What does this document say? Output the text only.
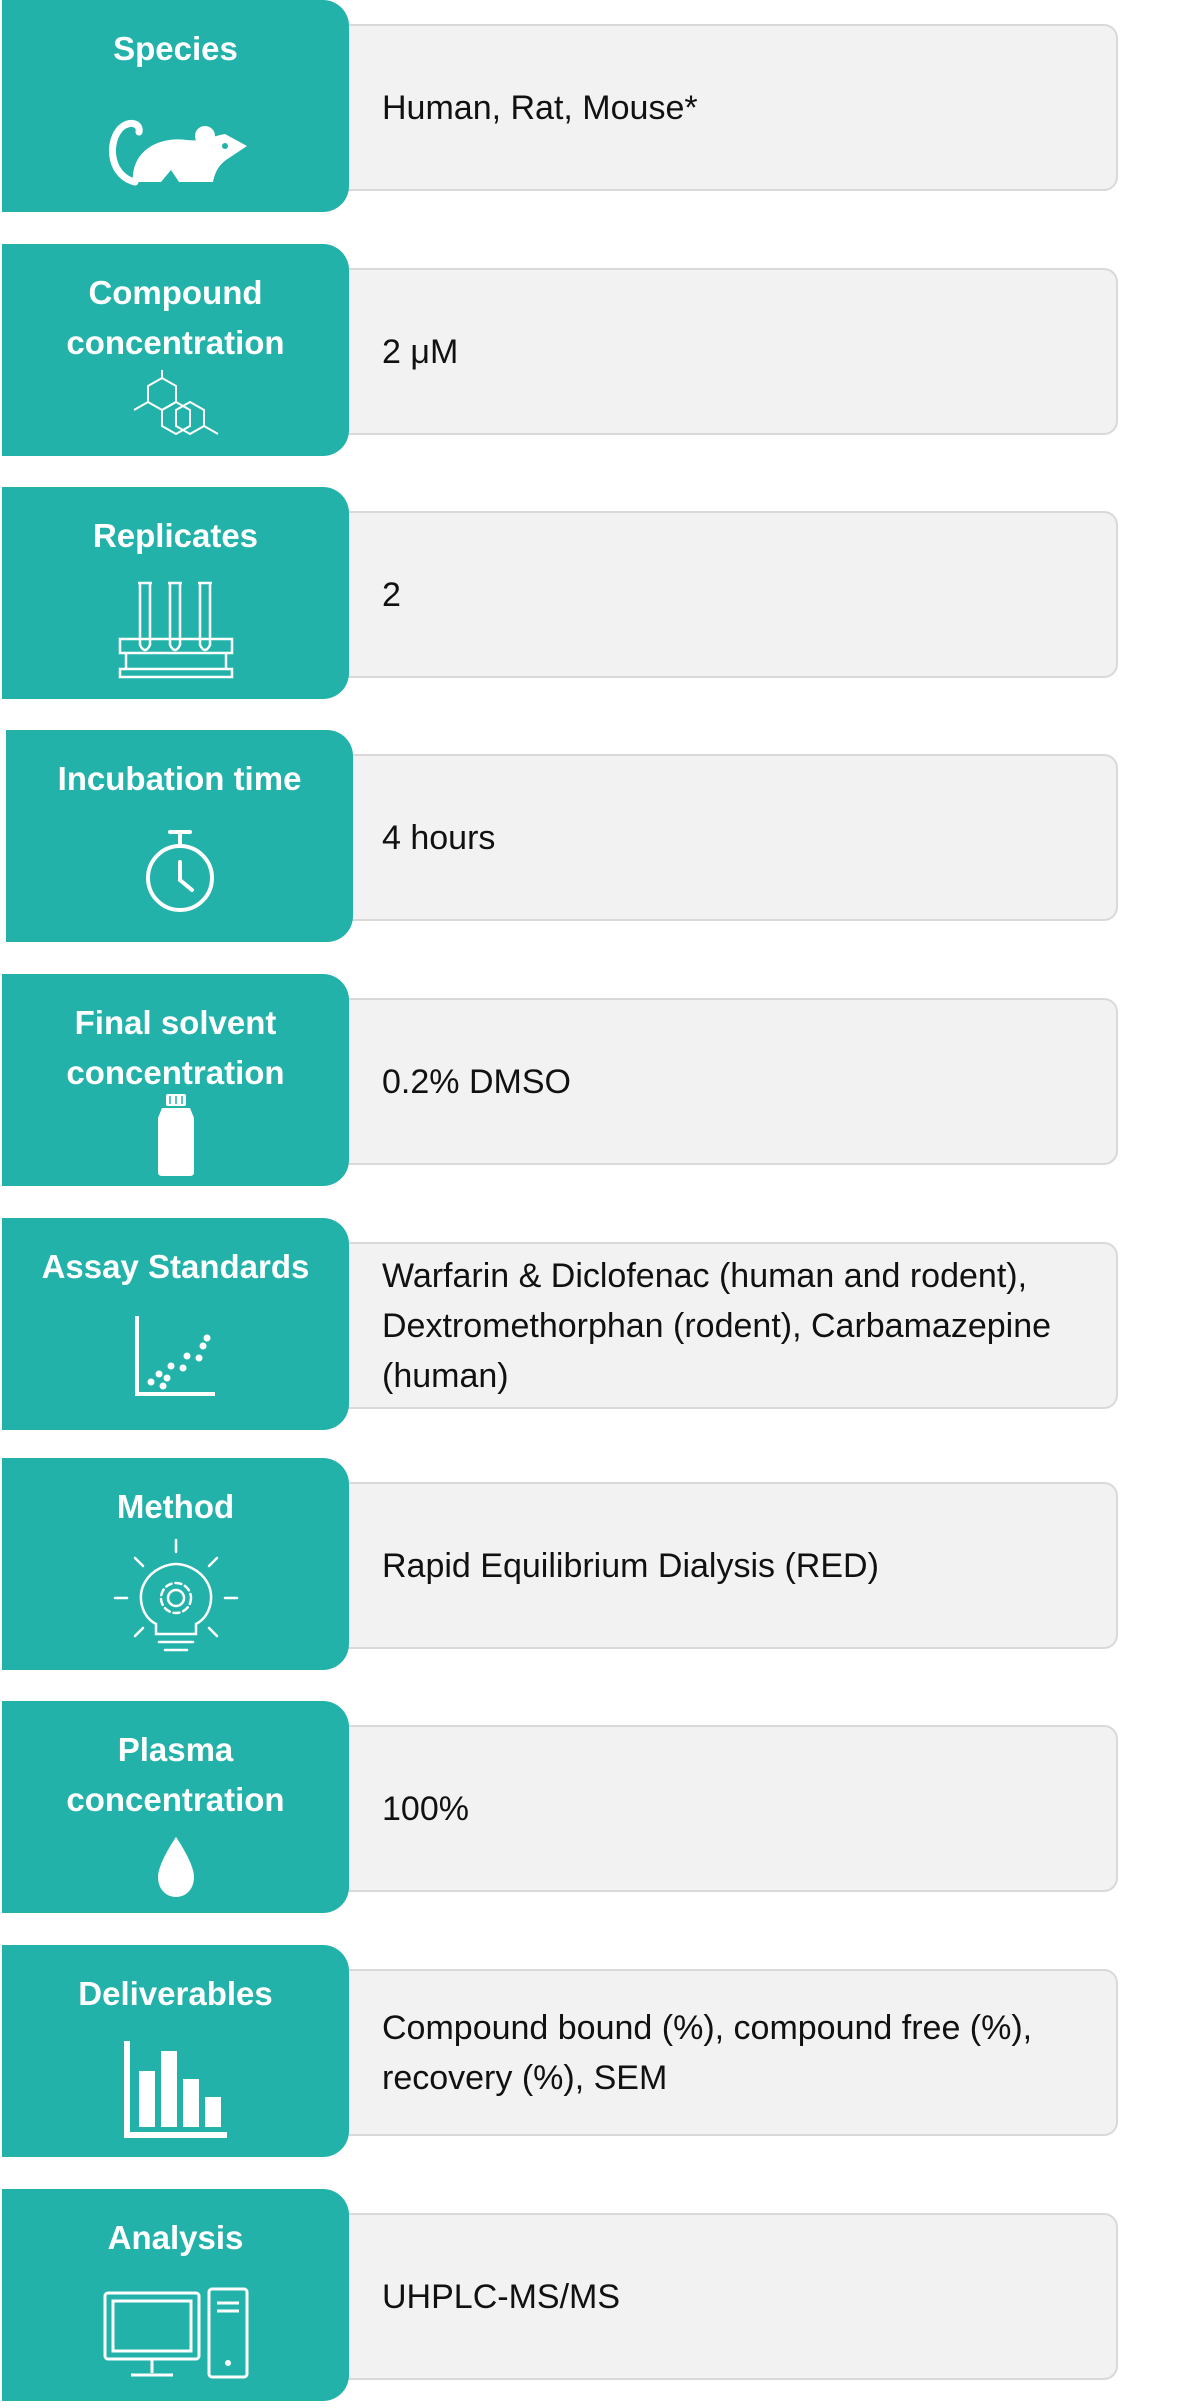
Human, Rat, Mouse*
Species
2 μM
Compound concentration
2
Replicates
4 hours
Incubation time
0.2% DMSO
Final solvent concentration
Warfarin & Diclofenac (human and rodent), Dextromethorphan (rodent), Carbamazepine (human)
Assay Standards
Rapid Equilibrium Dialysis (RED)
Method
100%
Plasma concentration
Compound bound (%), compound free (%), recovery (%), SEM
Deliverables
UHPLC-MS/MS
Analysis
